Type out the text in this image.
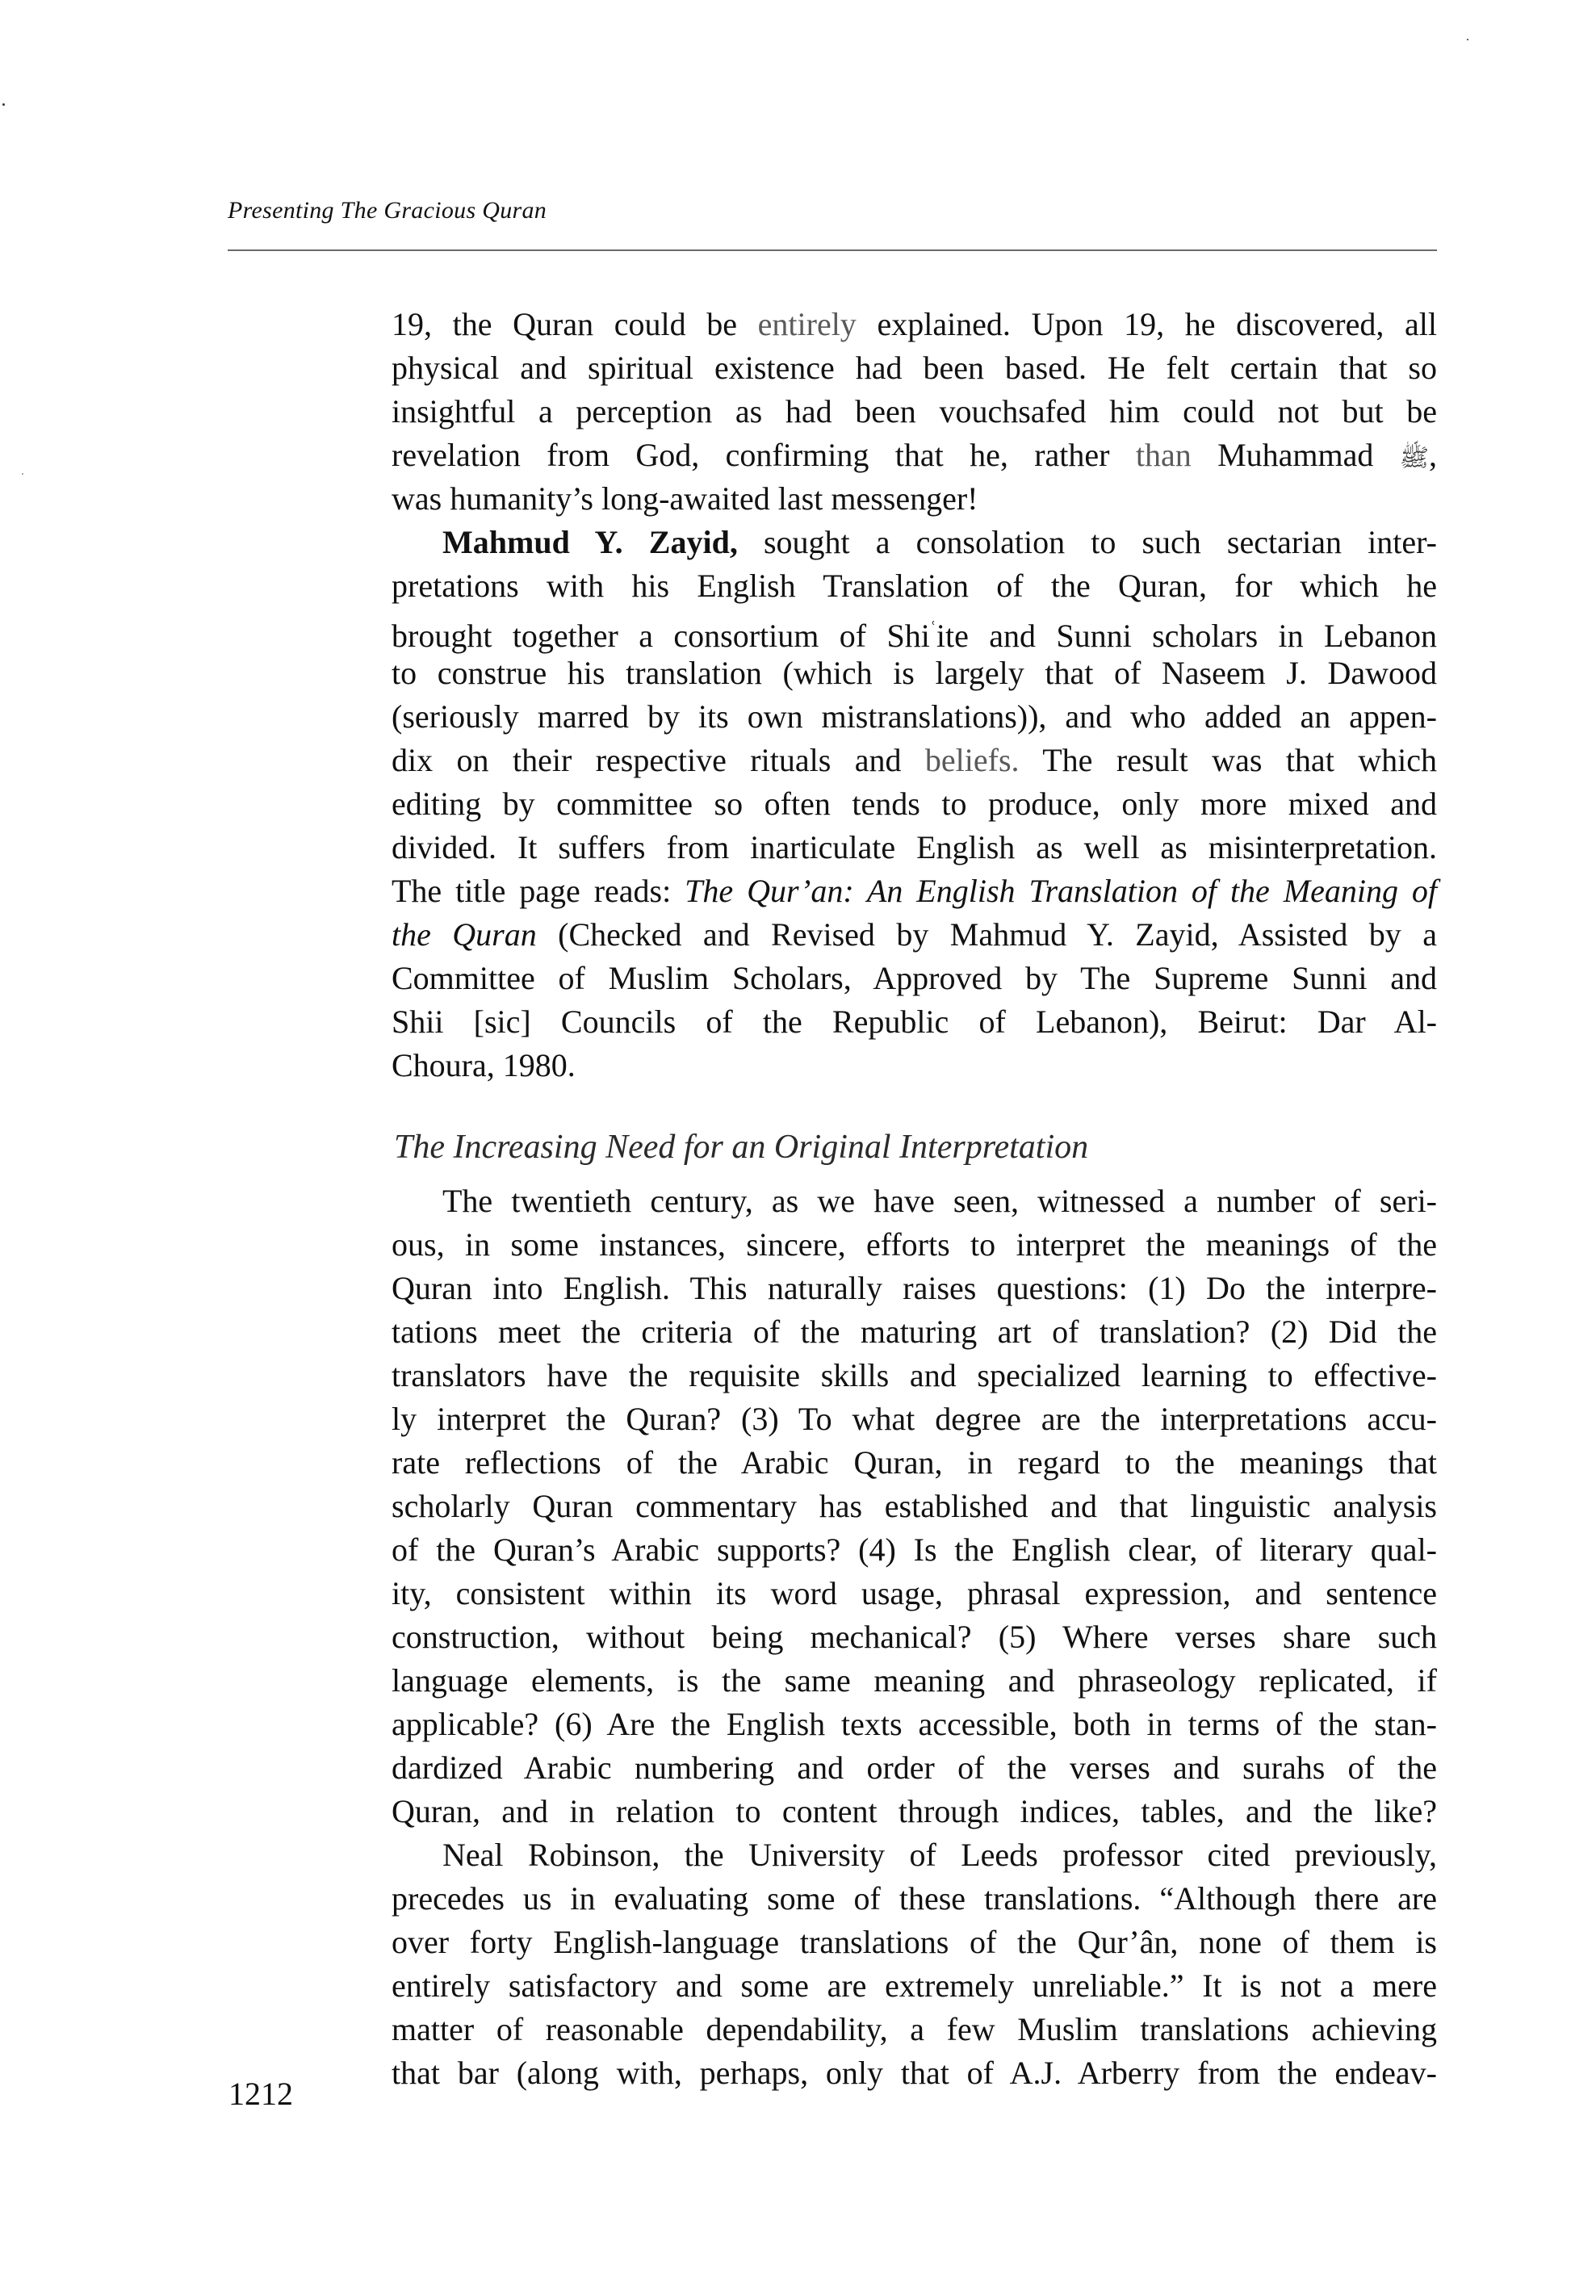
Presenting The Gracious Quran
19, the Quran could be entirely explained. Upon 19, he discovered, all
physical and spiritual existence had been based. He felt certain that so
insightful a perception as had been vouchsafed him could not but be
revelation from God, confirming that he, rather than Muhammad ﷺ,
was humanity’s long-awaited last messenger!
Mahmud Y. Zayid, sought a consolation to such sectarian inter-
pretations with his English Translation of the Quran, for which he
brought together a consortium of Shi$^ʿ$ite and Sunni scholars in Lebanon
to construe his translation (which is largely that of Naseem J. Dawood
(seriously marred by its own mistranslations)), and who added an appen-
dix on their respective rituals and beliefs. The result was that which
editing by committee so often tends to produce, only more mixed and
divided. It suffers from inarticulate English as well as misinterpretation.
The title page reads: The Qur’an: An English Translation of the Meaning of
the Quran (Checked and Revised by Mahmud Y. Zayid, Assisted by a
Committee of Muslim Scholars, Approved by The Supreme Sunni and
Shii [sic] Councils of the Republic of Lebanon), Beirut: Dar Al-
Choura, 1980.
The Increasing Need for an Original Interpretation
The twentieth century, as we have seen, witnessed a number of seri-
ous, in some instances, sincere, efforts to interpret the meanings of the
Quran into English. This naturally raises questions: (1) Do the interpre-
tations meet the criteria of the maturing art of translation? (2) Did the
translators have the requisite skills and specialized learning to effective-
ly interpret the Quran? (3) To what degree are the interpretations accu-
rate reflections of the Arabic Quran, in regard to the meanings that
scholarly Quran commentary has established and that linguistic analysis
of the Quran’s Arabic supports? (4) Is the English clear, of literary qual-
ity, consistent within its word usage, phrasal expression, and sentence
construction, without being mechanical? (5) Where verses share such
language elements, is the same meaning and phraseology replicated, if
applicable? (6) Are the English texts accessible, both in terms of the stan-
dardized Arabic numbering and order of the verses and surahs of the
Quran, and in relation to content through indices, tables, and the like?
Neal Robinson, the University of Leeds professor cited previously,
precedes us in evaluating some of these translations. “Although there are
over forty English-language translations of the Qur’ân, none of them is
entirely satisfactory and some are extremely unreliable.” It is not a mere
matter of reasonable dependability, a few Muslim translations achieving
that bar (along with, perhaps, only that of A.J. Arberry from the endeav-
1212
